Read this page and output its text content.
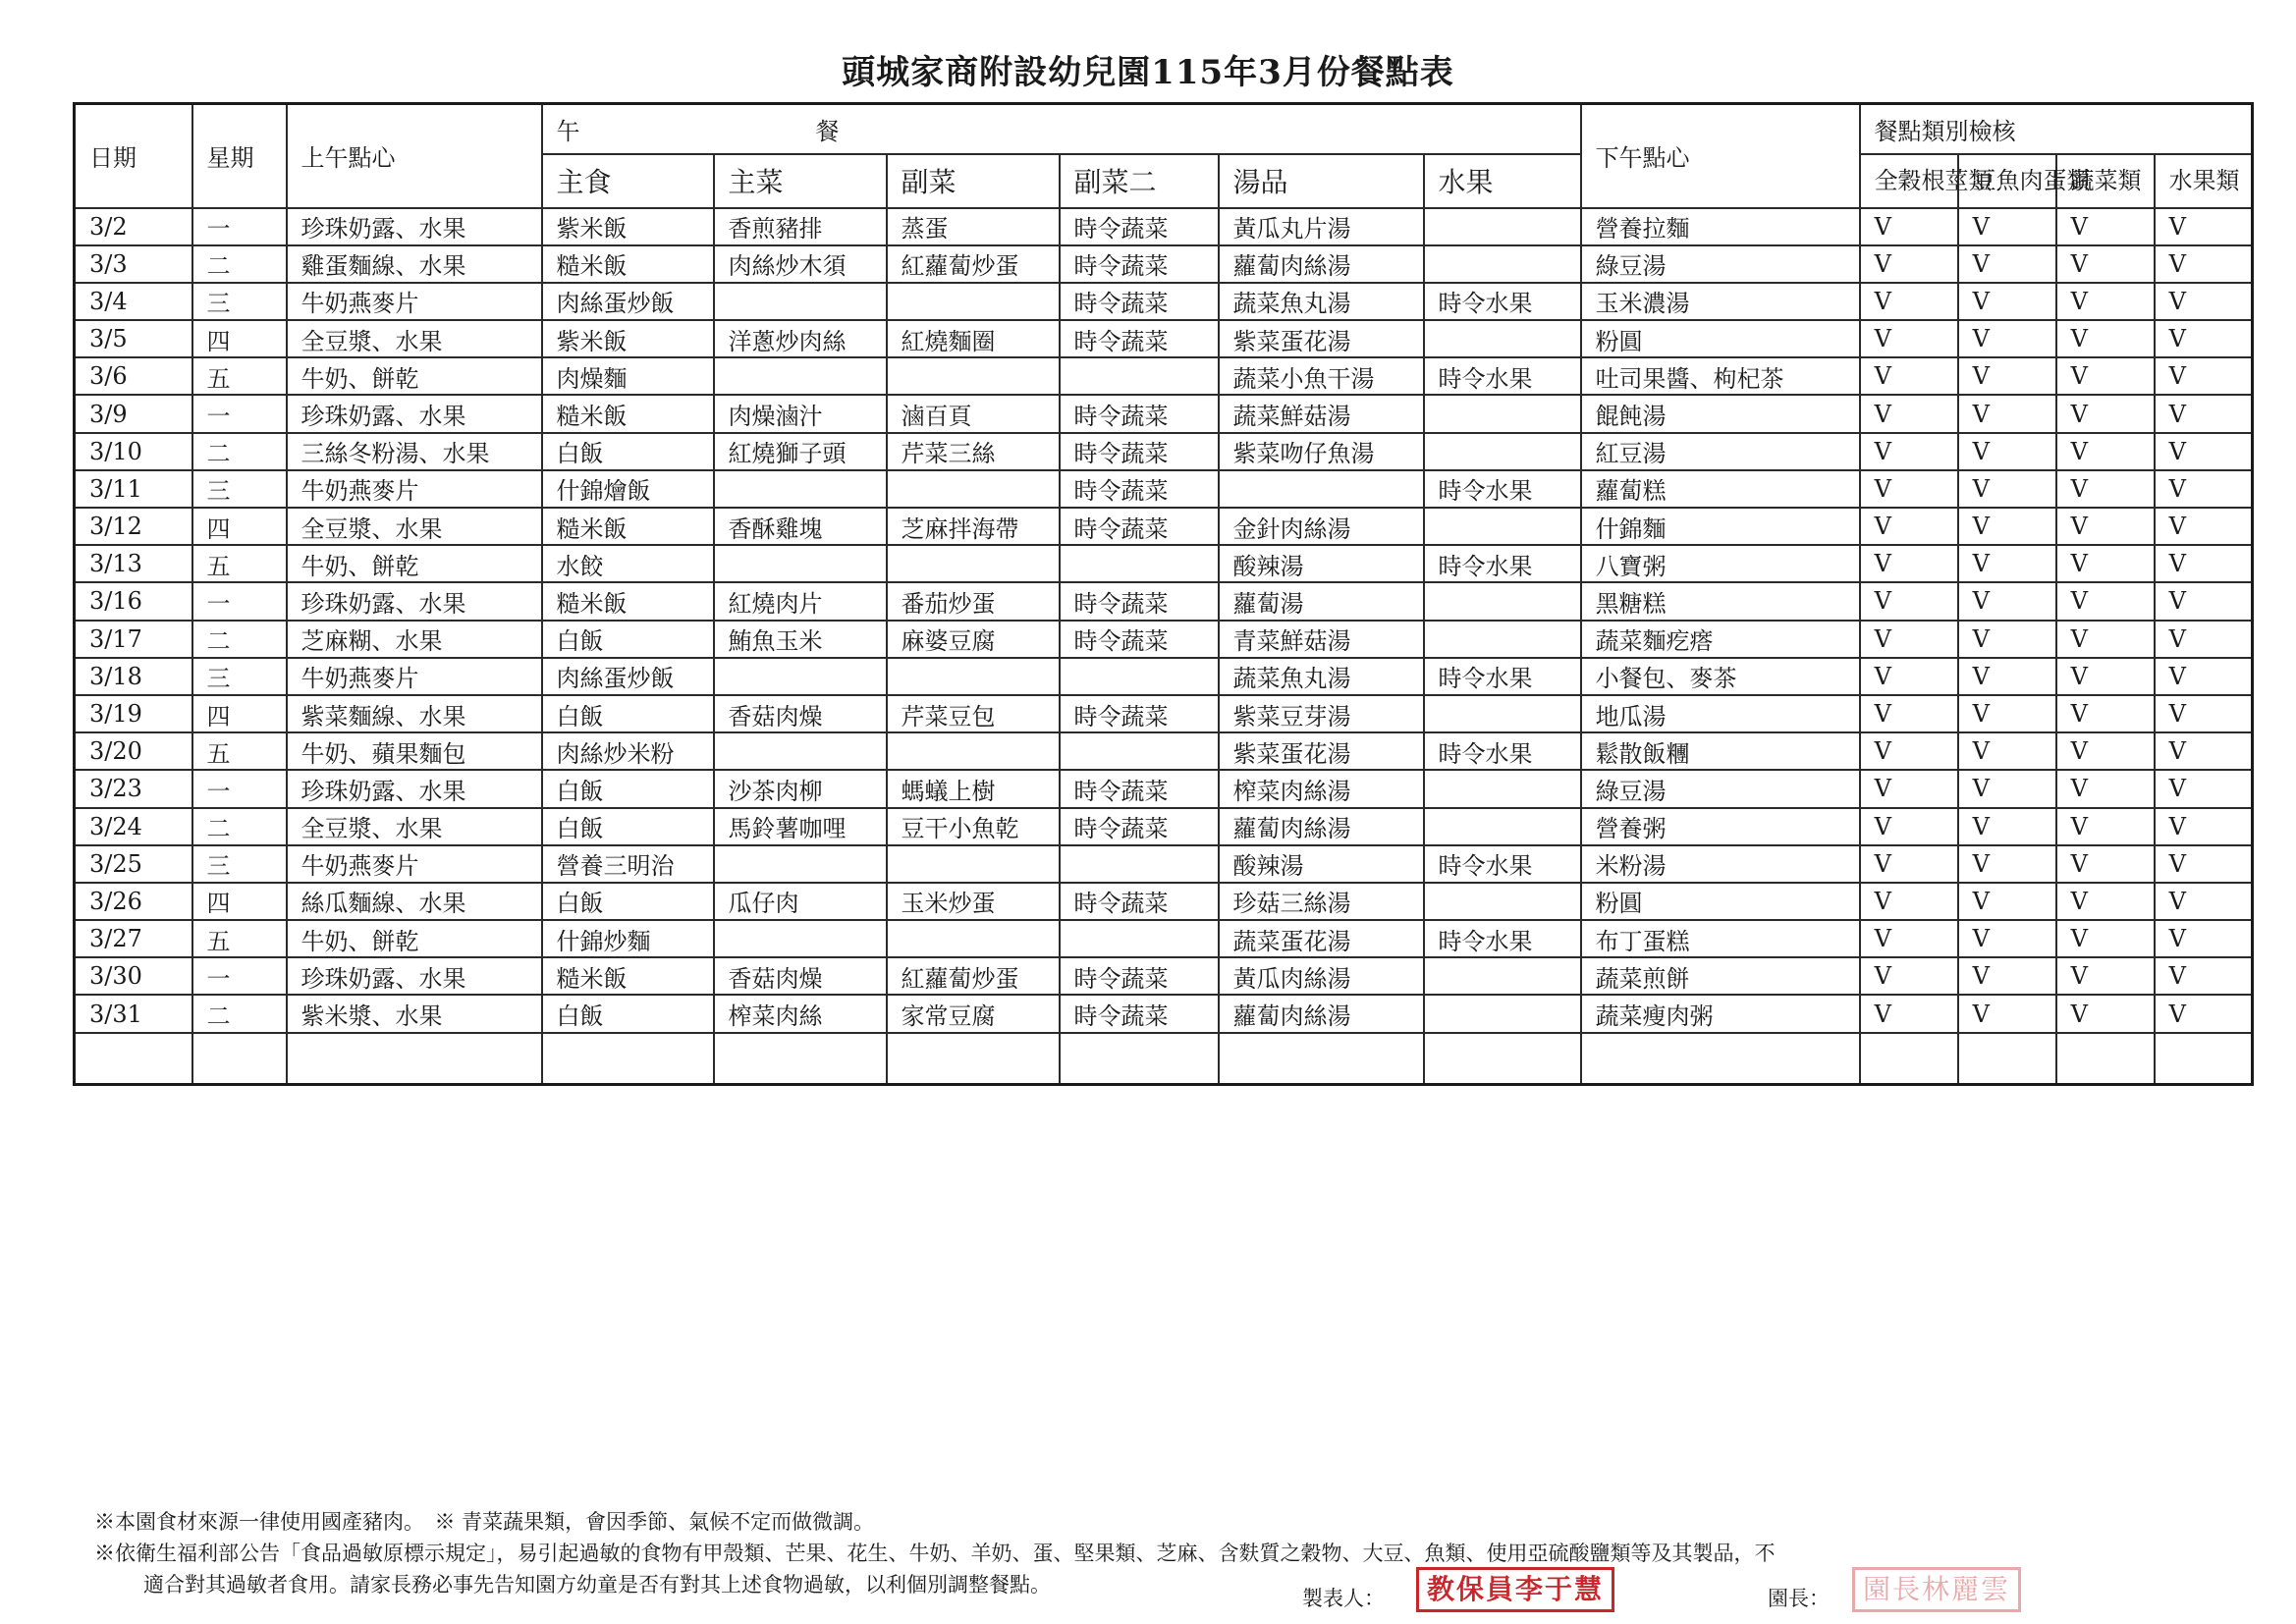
頭城家商附設幼兒園115年3月份餐點表
日期	星期	上午點心	午　　　　　　　　　　餐						下午點心	餐點類別檢核			
			主食	主菜	副菜	副菜二	湯品	水果		全穀根莖類	豆魚肉蛋類	蔬菜類	水果類
3/2	一	珍珠奶露、水果	紫米飯	香煎豬排	蒸蛋	時令蔬菜	黃瓜丸片湯		營養拉麵	V	V	V	V
3/3	二	雞蛋麵線、水果	糙米飯	肉絲炒木須	紅蘿蔔炒蛋	時令蔬菜	蘿蔔肉絲湯		綠豆湯	V	V	V	V
3/4	三	牛奶燕麥片	肉絲蛋炒飯			時令蔬菜	蔬菜魚丸湯	時令水果	玉米濃湯	V	V	V	V
3/5	四	全豆漿、水果	紫米飯	洋蔥炒肉絲	紅燒麵圈	時令蔬菜	紫菜蛋花湯		粉圓	V	V	V	V
3/6	五	牛奶、餅乾	肉燥麵				蔬菜小魚干湯	時令水果	吐司果醬、枸杞茶	V	V	V	V
3/9	一	珍珠奶露、水果	糙米飯	肉燥滷汁	滷百頁	時令蔬菜	蔬菜鮮菇湯		餛飩湯	V	V	V	V
3/10	二	三絲冬粉湯、水果	白飯	紅燒獅子頭	芹菜三絲	時令蔬菜	紫菜吻仔魚湯		紅豆湯	V	V	V	V
3/11	三	牛奶燕麥片	什錦燴飯			時令蔬菜		時令水果	蘿蔔糕	V	V	V	V
3/12	四	全豆漿、水果	糙米飯	香酥雞塊	芝麻拌海帶	時令蔬菜	金針肉絲湯		什錦麵	V	V	V	V
3/13	五	牛奶、餅乾	水餃				酸辣湯	時令水果	八寶粥	V	V	V	V
3/16	一	珍珠奶露、水果	糙米飯	紅燒肉片	番茄炒蛋	時令蔬菜	蘿蔔湯		黑糖糕	V	V	V	V
3/17	二	芝麻糊、水果	白飯	鮪魚玉米	麻婆豆腐	時令蔬菜	青菜鮮菇湯		蔬菜麵疙瘩	V	V	V	V
3/18	三	牛奶燕麥片	肉絲蛋炒飯				蔬菜魚丸湯	時令水果	小餐包、麥茶	V	V	V	V
3/19	四	紫菜麵線、水果	白飯	香菇肉燥	芹菜豆包	時令蔬菜	紫菜豆芽湯		地瓜湯	V	V	V	V
3/20	五	牛奶、蘋果麵包	肉絲炒米粉				紫菜蛋花湯	時令水果	鬆散飯糰	V	V	V	V
3/23	一	珍珠奶露、水果	白飯	沙茶肉柳	螞蟻上樹	時令蔬菜	榨菜肉絲湯		綠豆湯	V	V	V	V
3/24	二	全豆漿、水果	白飯	馬鈴薯咖哩	豆干小魚乾	時令蔬菜	蘿蔔肉絲湯		營養粥	V	V	V	V
3/25	三	牛奶燕麥片	營養三明治				酸辣湯	時令水果	米粉湯	V	V	V	V
3/26	四	絲瓜麵線、水果	白飯	瓜仔肉	玉米炒蛋	時令蔬菜	珍菇三絲湯		粉圓	V	V	V	V
3/27	五	牛奶、餅乾	什錦炒麵				蔬菜蛋花湯	時令水果	布丁蛋糕	V	V	V	V
3/30	一	珍珠奶露、水果	糙米飯	香菇肉燥	紅蘿蔔炒蛋	時令蔬菜	黃瓜肉絲湯		蔬菜煎餅	V	V	V	V
3/31	二	紫米漿、水果	白飯	榨菜肉絲	家常豆腐	時令蔬菜	蘿蔔肉絲湯		蔬菜瘦肉粥	V	V	V	V

※本園食材來源一律使用國產豬肉。　※ 青菜蔬果類，會因季節、氣候不定而做微調。
※依衛生福利部公告「食品過敏原標示規定」，易引起過敏的食物有甲殼類、芒果、花生、牛奶、羊奶、蛋、堅果類、芝麻、含麩質之穀物、大豆、魚類、使用亞硫酸鹽類等及其製品，不
適合對其過敏者食用。請家長務必事先告知園方幼童是否有對其上述食物過敏，以利個別調整餐點。
製表人：	教保員李于慧	園長：	園長林麗雲
